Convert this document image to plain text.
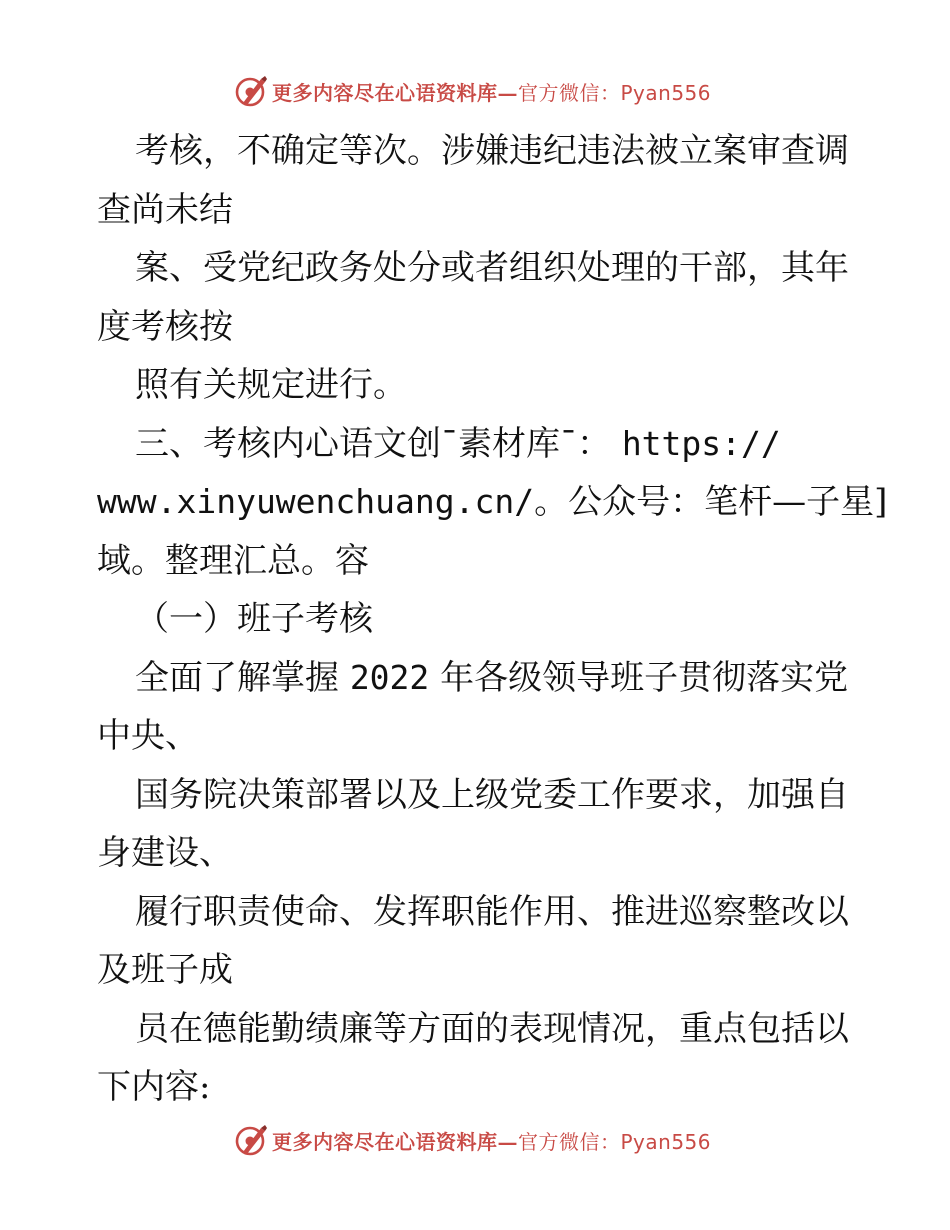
更多内容尽在心语资料库— 官方微信：Pyan556
考核，不确定等次。涉嫌违纪违法被立案审查调
查尚未结
案、受党纪政务处分或者组织处理的干部，其年
度考核按
照有关规定进行。
三、考核内心语文创¯素材库¯： https://
www.xinyuwenchuang.cn/。公众号：笔杆—子星]
域。整理汇总。容
（一）班子考核
全面了解掌握 2022 年各级领导班子贯彻落实党
中央、
国务院决策部署以及上级党委工作要求，加强自
身建设、
履行职责使命、发挥职能作用、推进巡察整改以
及班子成
员在德能勤绩廉等方面的表现情况，重点包括以
下内容:
更多内容尽在心语资料库— 官方微信：Pyan556
